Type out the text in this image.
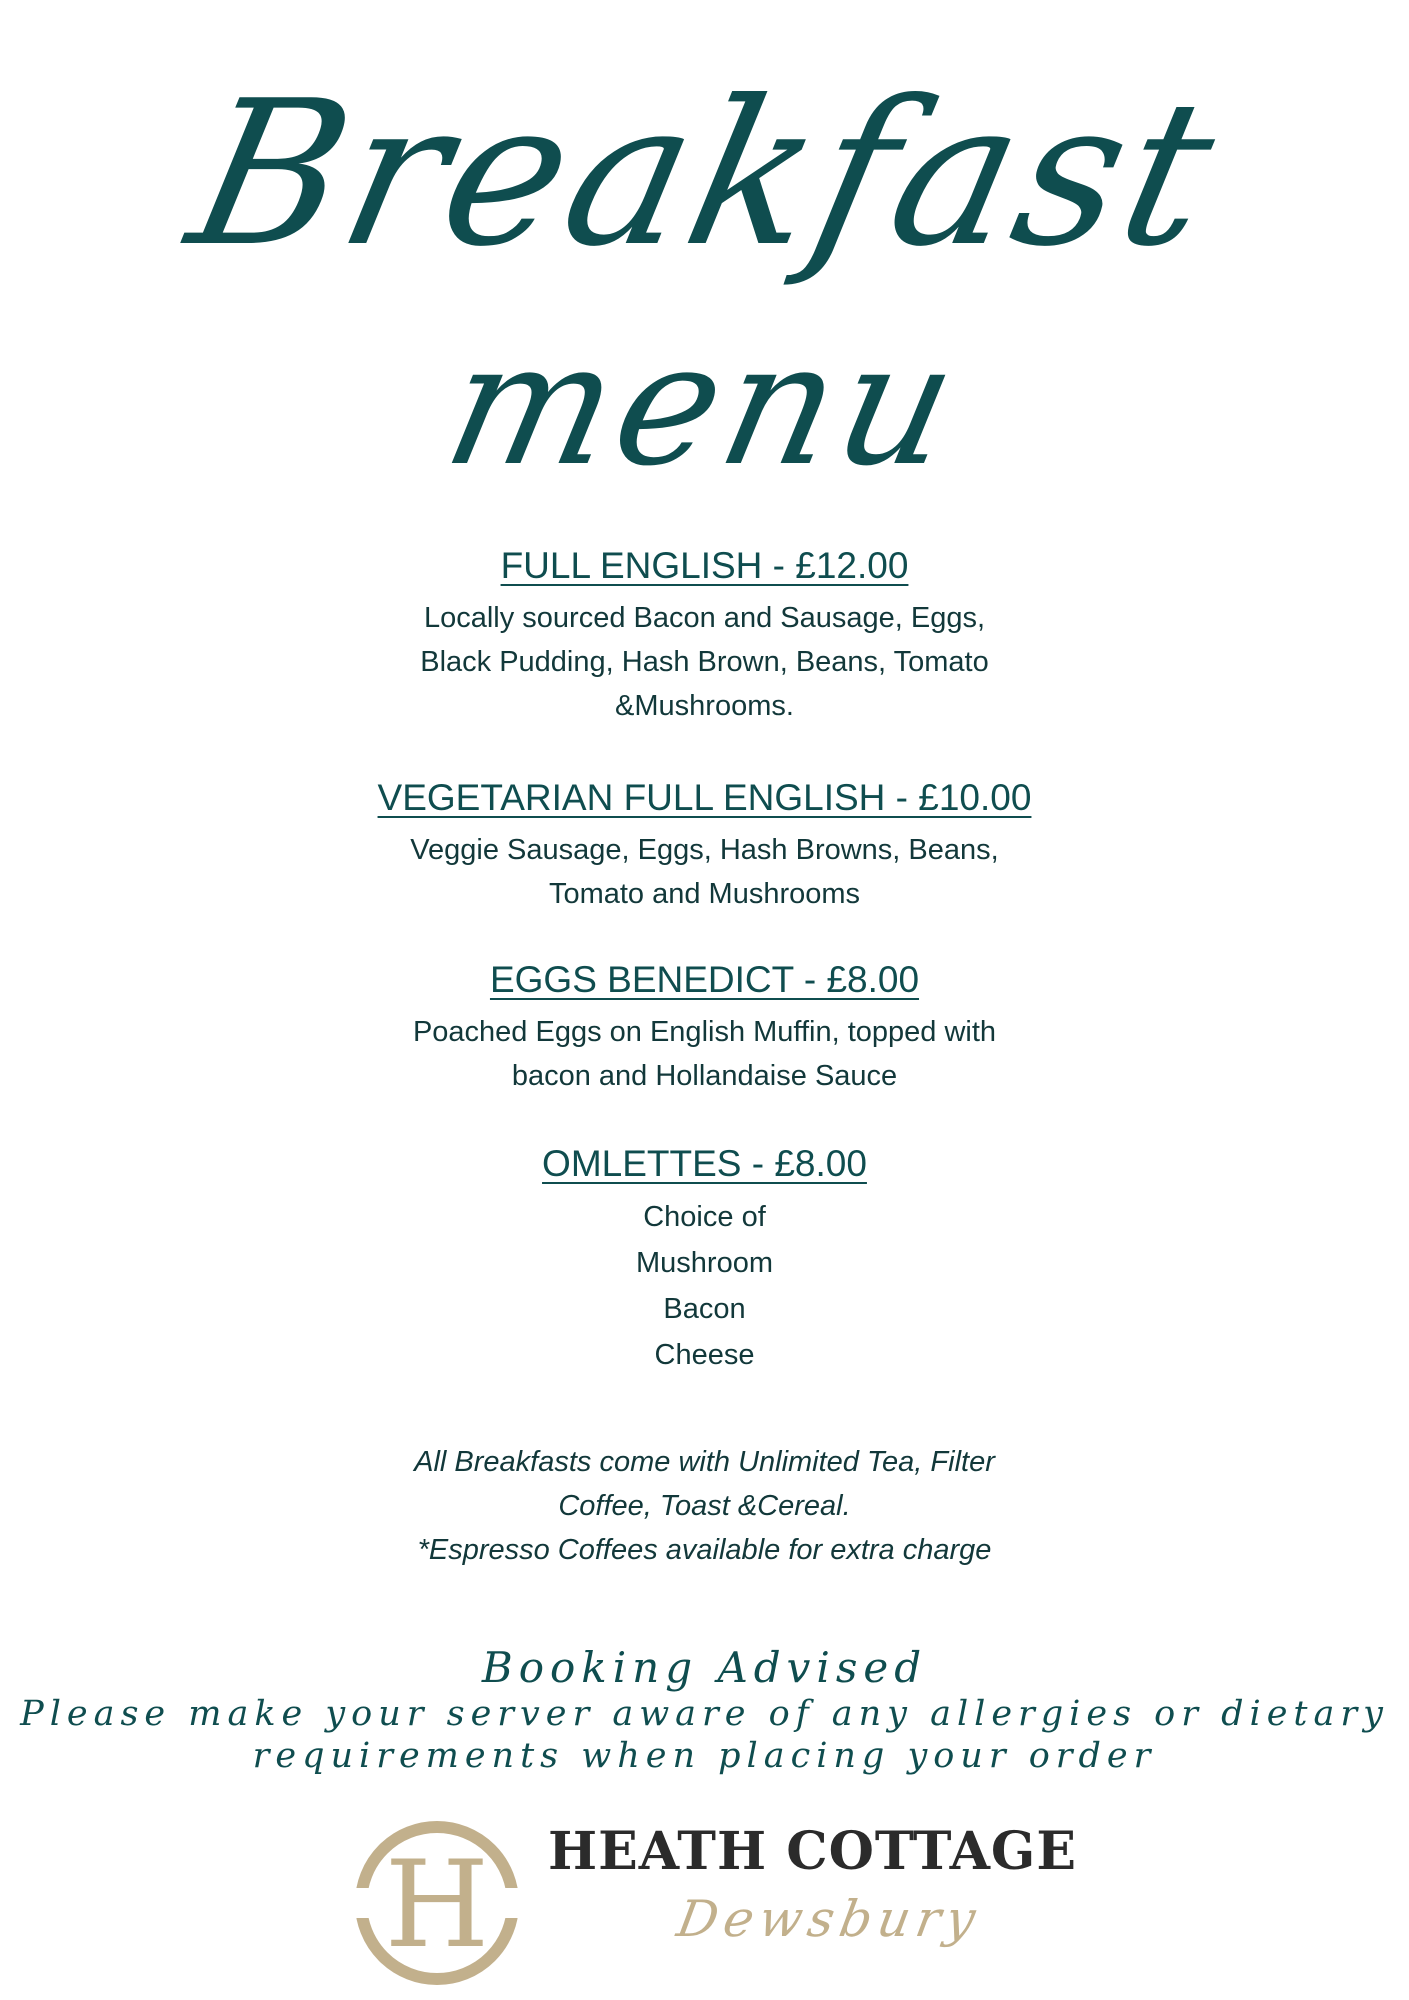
Breakfast
menu
FULL ENGLISH - £12.00
Locally sourced Bacon and Sausage, Eggs,
Black Pudding, Hash Brown, Beans, Tomato
&Mushrooms.
VEGETARIAN FULL ENGLISH - £10.00
Veggie Sausage, Eggs, Hash Browns, Beans,
Tomato and Mushrooms
EGGS BENEDICT - £8.00
Poached Eggs on English Muffin, topped with
bacon and Hollandaise Sauce
OMLETTES - £8.00
Choice of
Mushroom
Bacon
Cheese
All Breakfasts come with Unlimited Tea, Filter
Coffee, Toast &Cereal.
*Espresso Coffees available for extra charge
Booking Advised
Please make your server aware of any allergies or dietary
requirements when placing your order
H HEATH COTTAGE
Dewsbury
